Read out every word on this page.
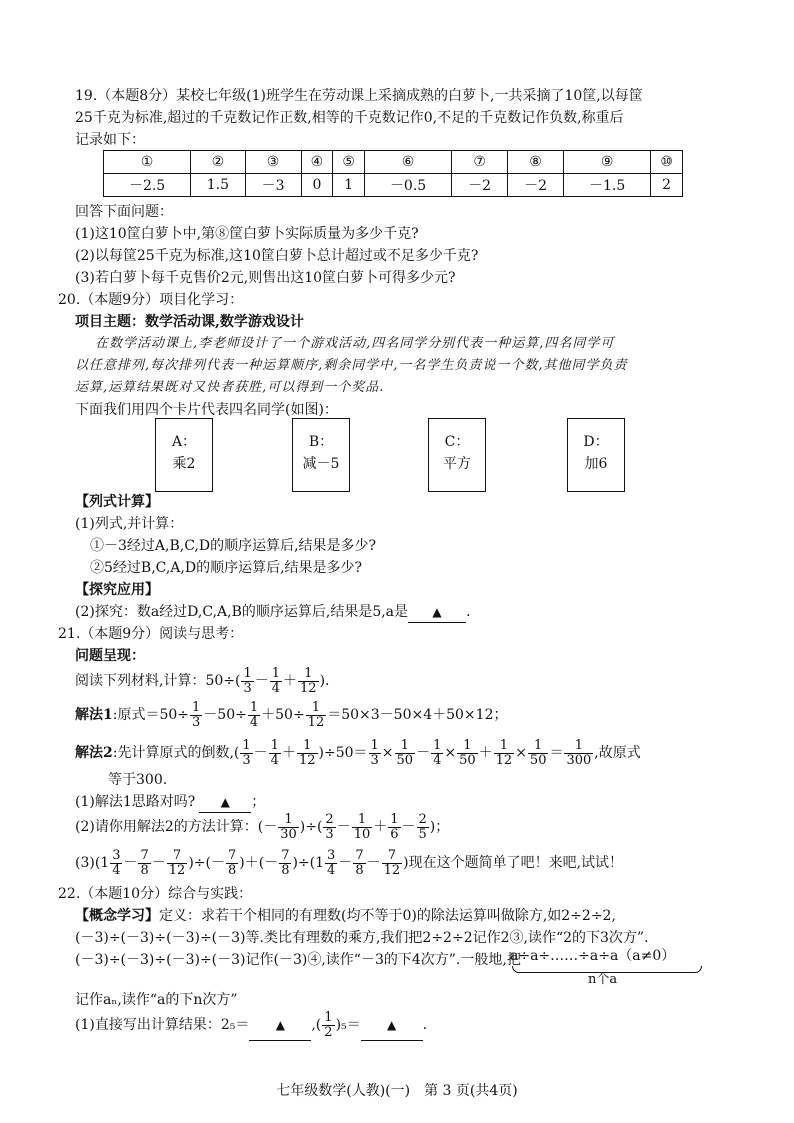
19.（本题8分）某校七年级(1)班学生在劳动课上采摘成熟的白萝卜,一共采摘了10筐,以每筐
25千克为标准,超过的千克数记作正数,相等的千克数记作0,不足的千克数记作负数,称重后
记录如下：
①	②	③	④	⑤	⑥	⑦	⑧	⑨	⑩
－2.5	1.5	－3	0	1	－0.5	－2	－2	－1.5	2
回答下面问题：
(1)这10筐白萝卜中,第⑧筐白萝卜实际质量为多少千克?
(2)以每筐25千克为标准,这10筐白萝卜总计超过或不足多少千克?
(3)若白萝卜每千克售价2元,则售出这10筐白萝卜可得多少元?
20.（本题9分）项目化学习：
项目主题：数学活动课,数学游戏设计
在数学活动课上,李老师设计了一个游戏活动,四名同学分别代表一种运算,四名同学可
以任意排列,每次排列代表一种运算顺序,剩余同学中,一名学生负责说一个数,其他同学负责
运算,运算结果既对又快者获胜,可以得到一个奖品.
下面我们用四个卡片代表四名同学(如图)：
A：
乘2
B：
减－5
C：
平方
D：
加6
【列式计算】
(1)列式,并计算：
①－3经过A,B,C,D的顺序运算后,结果是多少?
②5经过B,C,A,D的顺序运算后,结果是多少?
【探究应用】
(2)探究：数a经过D,C,A,B的顺序运算后,结果是5,a是 ▲ .
21.（本题9分）阅读与思考：
问题呈现：
阅读下列材料,计算：$50\div( \frac{1}{3} - \frac{1}{4} + \frac{1}{12}$ ).
解法1:原式$=50\div \frac{1}{3} -50\div \frac{1}{4} +50\div \frac{1}{12} =50\times 3-50\times 4+50\times 12$；
解法2:先计算原式的倒数,( $\frac{1}{3} - \frac{1}{4} + \frac{1}{12} )\div 50= \frac{1}{3} \times \frac{1}{50} - \frac{1}{4} \times \frac{1}{50} + \frac{1}{12} \times \frac{1}{50} = \frac{1}{300}$ ,故原式
等于300.
(1)解法1思路对吗? ▲ ；
(2)请你用解法2的方法计算：(－ $\frac{1}{30}$ )÷( $\frac{2}{3} - \frac{1}{10} + \frac{1}{6} - \frac{2}{5}$ )；
$(3)(1 \frac{3}{4} - \frac{7}{8} - \frac{7}{12}$ )÷(－ $\frac{7}{8}$ )＋(－ $\frac{7}{8} )\div(1 \frac{3}{4} - \frac{7}{8} - \frac{7}{12}$ )现在这个题简单了吧！来吧,试试！
22.（本题10分）综合与实践：
【概念学习】定义：求若干个相同的有理数(均不等于0)的除法运算叫做除方,如2÷2÷2,
(－3)÷(－3)÷(－3)÷(－3)等.类比有理数的乘方,我们把2÷2÷2记作2③,读作“2的下3次方”.
(－3)÷(－3)÷(－3)÷(－3)记作(－3)④,读作“－3的下4次方”.一般地,把
a÷a÷……÷a÷a（a≠0）
n个a
记作aₙ,读作“a的下n次方”
(1)直接写出计算结果：2₅＝ ▲ ,( $\frac{1}{2} )_5=$ ▲ .
七年级数学(人教)(一)　第 3 页(共4页)
